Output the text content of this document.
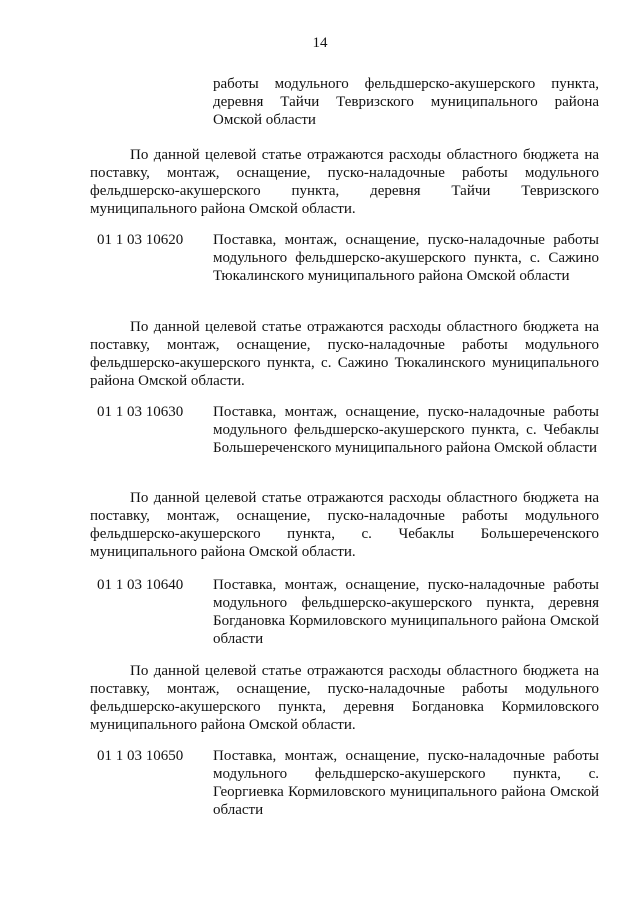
14
работы модульного фельдшерско-акушерского пункта, деревня Тайчи Тевризского муниципального района Омской области
По данной целевой статье отражаются расходы областного бюджета на поставку, монтаж, оснащение, пуско-наладочные работы модульного фельдшерско-акушерского пункта, деревня Тайчи Тевризского муниципального района Омской области.
01 1 03 10620 Поставка, монтаж, оснащение, пуско-наладочные работы модульного фельдшерско-акушерского пункта, с. Сажино Тюкалинского муниципального района Омской области
По данной целевой статье отражаются расходы областного бюджета на поставку, монтаж, оснащение, пуско-наладочные работы модульного фельдшерско-акушерского пункта, с. Сажино Тюкалинского муниципального района Омской области.
01 1 03 10630 Поставка, монтаж, оснащение, пуско-наладочные работы модульного фельдшерско-акушерского пункта, с. Чебаклы Большереченского муниципального района Омской области
По данной целевой статье отражаются расходы областного бюджета на поставку, монтаж, оснащение, пуско-наладочные работы модульного фельдшерско-акушерского пункта, с. Чебаклы Большереченского муниципального района Омской области.
01 1 03 10640 Поставка, монтаж, оснащение, пуско-наладочные работы модульного фельдшерско-акушерского пункта, деревня Богдановка Кормиловского муниципального района Омской области
По данной целевой статье отражаются расходы областного бюджета на поставку, монтаж, оснащение, пуско-наладочные работы модульного фельдшерско-акушерского пункта, деревня Богдановка Кормиловского муниципального района Омской области.
01 1 03 10650 Поставка, монтаж, оснащение, пуско-наладочные работы модульного фельдшерско-акушерского пункта, с. Георгиевка Кормиловского муниципального района Омской области
